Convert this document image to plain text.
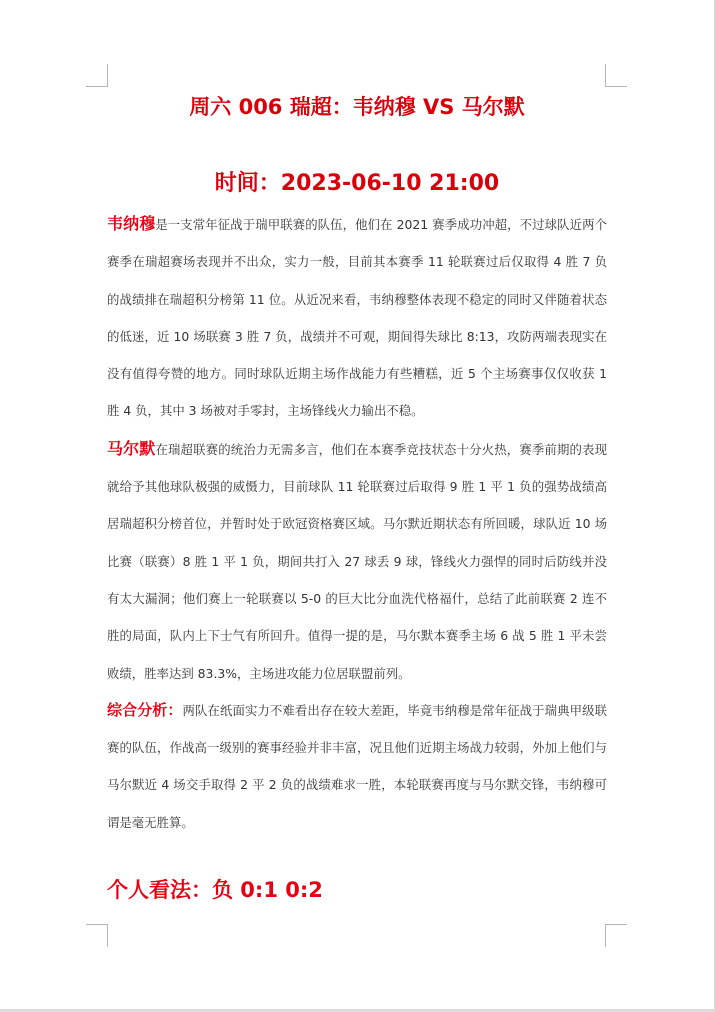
周六 006 瑞超：韦纳穆 VS 马尔默
时间：2023-06-10 21:00

韦纳穆是一支常年征战于瑞甲联赛的队伍，他们在 2021 赛季成功冲超，不过球队近两个赛季在瑞超赛场表现并不出众，实力一般，目前其本赛季 11 轮联赛过后仅取得 4 胜 7 负的战绩排在瑞超积分榜第 11 位。从近况来看，韦纳穆整体表现不稳定的同时又伴随着状态的低迷，近 10 场联赛 3 胜 7 负，战绩并不可观，期间得失球比 8:13，攻防两端表现实在没有值得夸赞的地方。同时球队近期主场作战能力有些糟糕，近 5 个主场赛事仅仅收获 1 胜 4 负，其中 3 场被对手零封，主场锋线火力输出不稳。

马尔默在瑞超联赛的统治力无需多言，他们在本赛季竞技状态十分火热，赛季前期的表现就给予其他球队极强的威慑力，目前球队 11 轮联赛过后取得 9 胜 1 平 1 负的强势战绩高居瑞超积分榜首位，并暂时处于欧冠资格赛区域。马尔默近期状态有所回暖，球队近 10 场比赛（联赛）8 胜 1 平 1 负，期间共打入 27 球丢 9 球，锋线火力强悍的同时后防线并没有太大漏洞；他们赛上一轮联赛以 5-0 的巨大比分血洗代格福什，总结了此前联赛 2 连不胜的局面，队内上下士气有所回升。值得一提的是，马尔默本赛季主场 6 战 5 胜 1 平未尝败绩，胜率达到 83.3%，主场进攻能力位居联盟前列。

综合分析：两队在纸面实力不难看出存在较大差距，毕竟韦纳穆是常年征战于瑞典甲级联赛的队伍，作战高一级别的赛事经验并非丰富，况且他们近期主场战力较弱，外加上他们与马尔默近 4 场交手取得 2 平 2 负的战绩难求一胜，本轮联赛再度与马尔默交锋，韦纳穆可谓是毫无胜算。

个人看法：负 0:1 0:2
